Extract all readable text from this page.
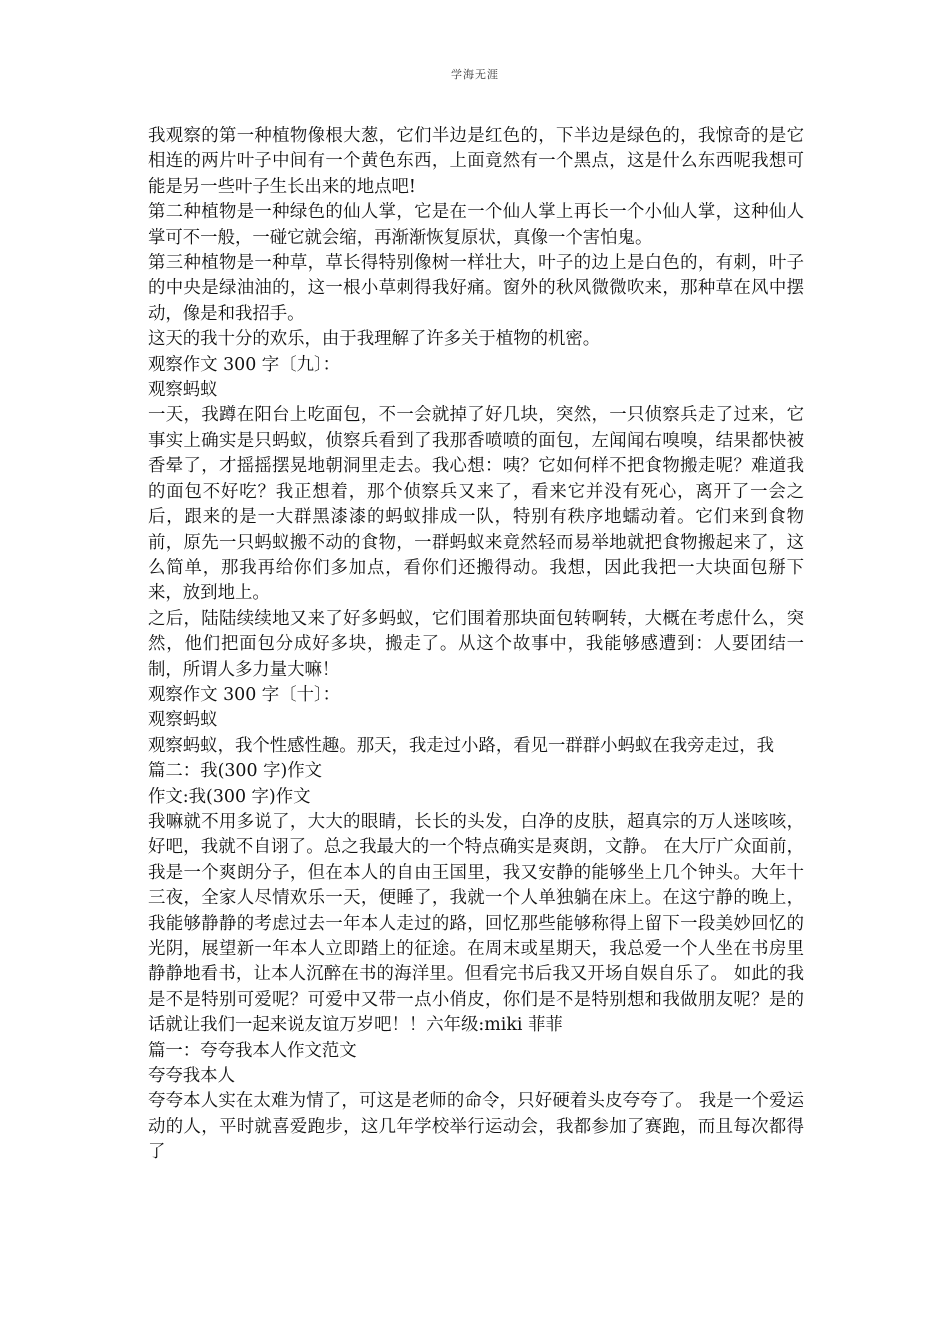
学海无涯

我观察的第一种植物像根大葱，它们半边是红色的，下半边是绿色的，我惊奇的是它相连的两片叶子中间有一个黄色东西，上面竟然有一个黑点，这是什么东西呢我想可能是另一些叶子生长出来的地点吧!

第二种植物是一种绿色的仙人掌，它是在一个仙人掌上再长一个小仙人掌，这种仙人掌可不一般，一碰它就会缩，再渐渐恢复原状，真像一个害怕鬼。

第三种植物是一种草，草长得特别像树一样壮大，叶子的边上是白色的，有刺，叶子的中央是绿油油的，这一根小草刺得我好痛。窗外的秋风微微吹来，那种草在风中摆动，像是和我招手。

这天的我十分的欢乐，由于我理解了许多关于植物的机密。

观察作文 300 字〔九〕：

观察蚂蚁

一天，我蹲在阳台上吃面包，不一会就掉了好几块，突然，一只侦察兵走了过来，它事实上确实是只蚂蚁，侦察兵看到了我那香喷喷的面包，左闻闻右嗅嗅，结果都快被香晕了，才摇摇摆晃地朝洞里走去。我心想：咦？它如何样不把食物搬走呢？难道我的面包不好吃？我正想着，那个侦察兵又来了，看来它并没有死心，离开了一会之后，跟来的是一大群黑漆漆的蚂蚁排成一队，特别有秩序地蠕动着。它们来到食物前，原先一只蚂蚁搬不动的食物，一群蚂蚁来竟然轻而易举地就把食物搬起来了，这么简单，那我再给你们多加点，看你们还搬得动。我想，因此我把一大块面包掰下来，放到地上。

之后，陆陆续续地又来了好多蚂蚁，它们围着那块面包转啊转，大概在考虑什么，突然，他们把面包分成好多块，搬走了。从这个故事中，我能够感遭到：人要团结一制，所谓人多力量大嘛！

观察作文 300 字〔十〕：

观察蚂蚁

观察蚂蚁，我个性感性趣。那天，我走过小路，看见一群群小蚂蚁在我旁走过，我

篇二：我(300 字)作文

作文:我(300 字)作文

我嘛就不用多说了，大大的眼睛，长长的头发，白净的皮肤，超真宗的万人迷咳咳，好吧，我就不自诩了。总之我最大的一个特点确实是爽朗，文静。 在大厅广众面前，我是一个爽朗分子，但在本人的自由王国里，我又安静的能够坐上几个钟头。大年十三夜，全家人尽情欢乐一天，便睡了，我就一个人单独躺在床上。在这宁静的晚上，我能够静静的考虑过去一年本人走过的路，回忆那些能够称得上留下一段美妙回忆的光阴，展望新一年本人立即踏上的征途。在周末或星期天，我总爱一个人坐在书房里静静地看书，让本人沉醉在书的海洋里。但看完书后我又开场自娱自乐了。 如此的我是不是特别可爱呢？可爱中又带一点小俏皮，你们是不是特别想和我做朋友呢？是的话就让我们一起来说友谊万岁吧！！六年级:miki 菲菲

篇一：夸夸我本人作文范文

夸夸我本人

夸夸本人实在太难为情了，可这是老师的命令，只好硬着头皮夸夸了。 我是一个爱运动的人，平时就喜爱跑步，这几年学校举行运动会，我都参加了赛跑，而且每次都得了
